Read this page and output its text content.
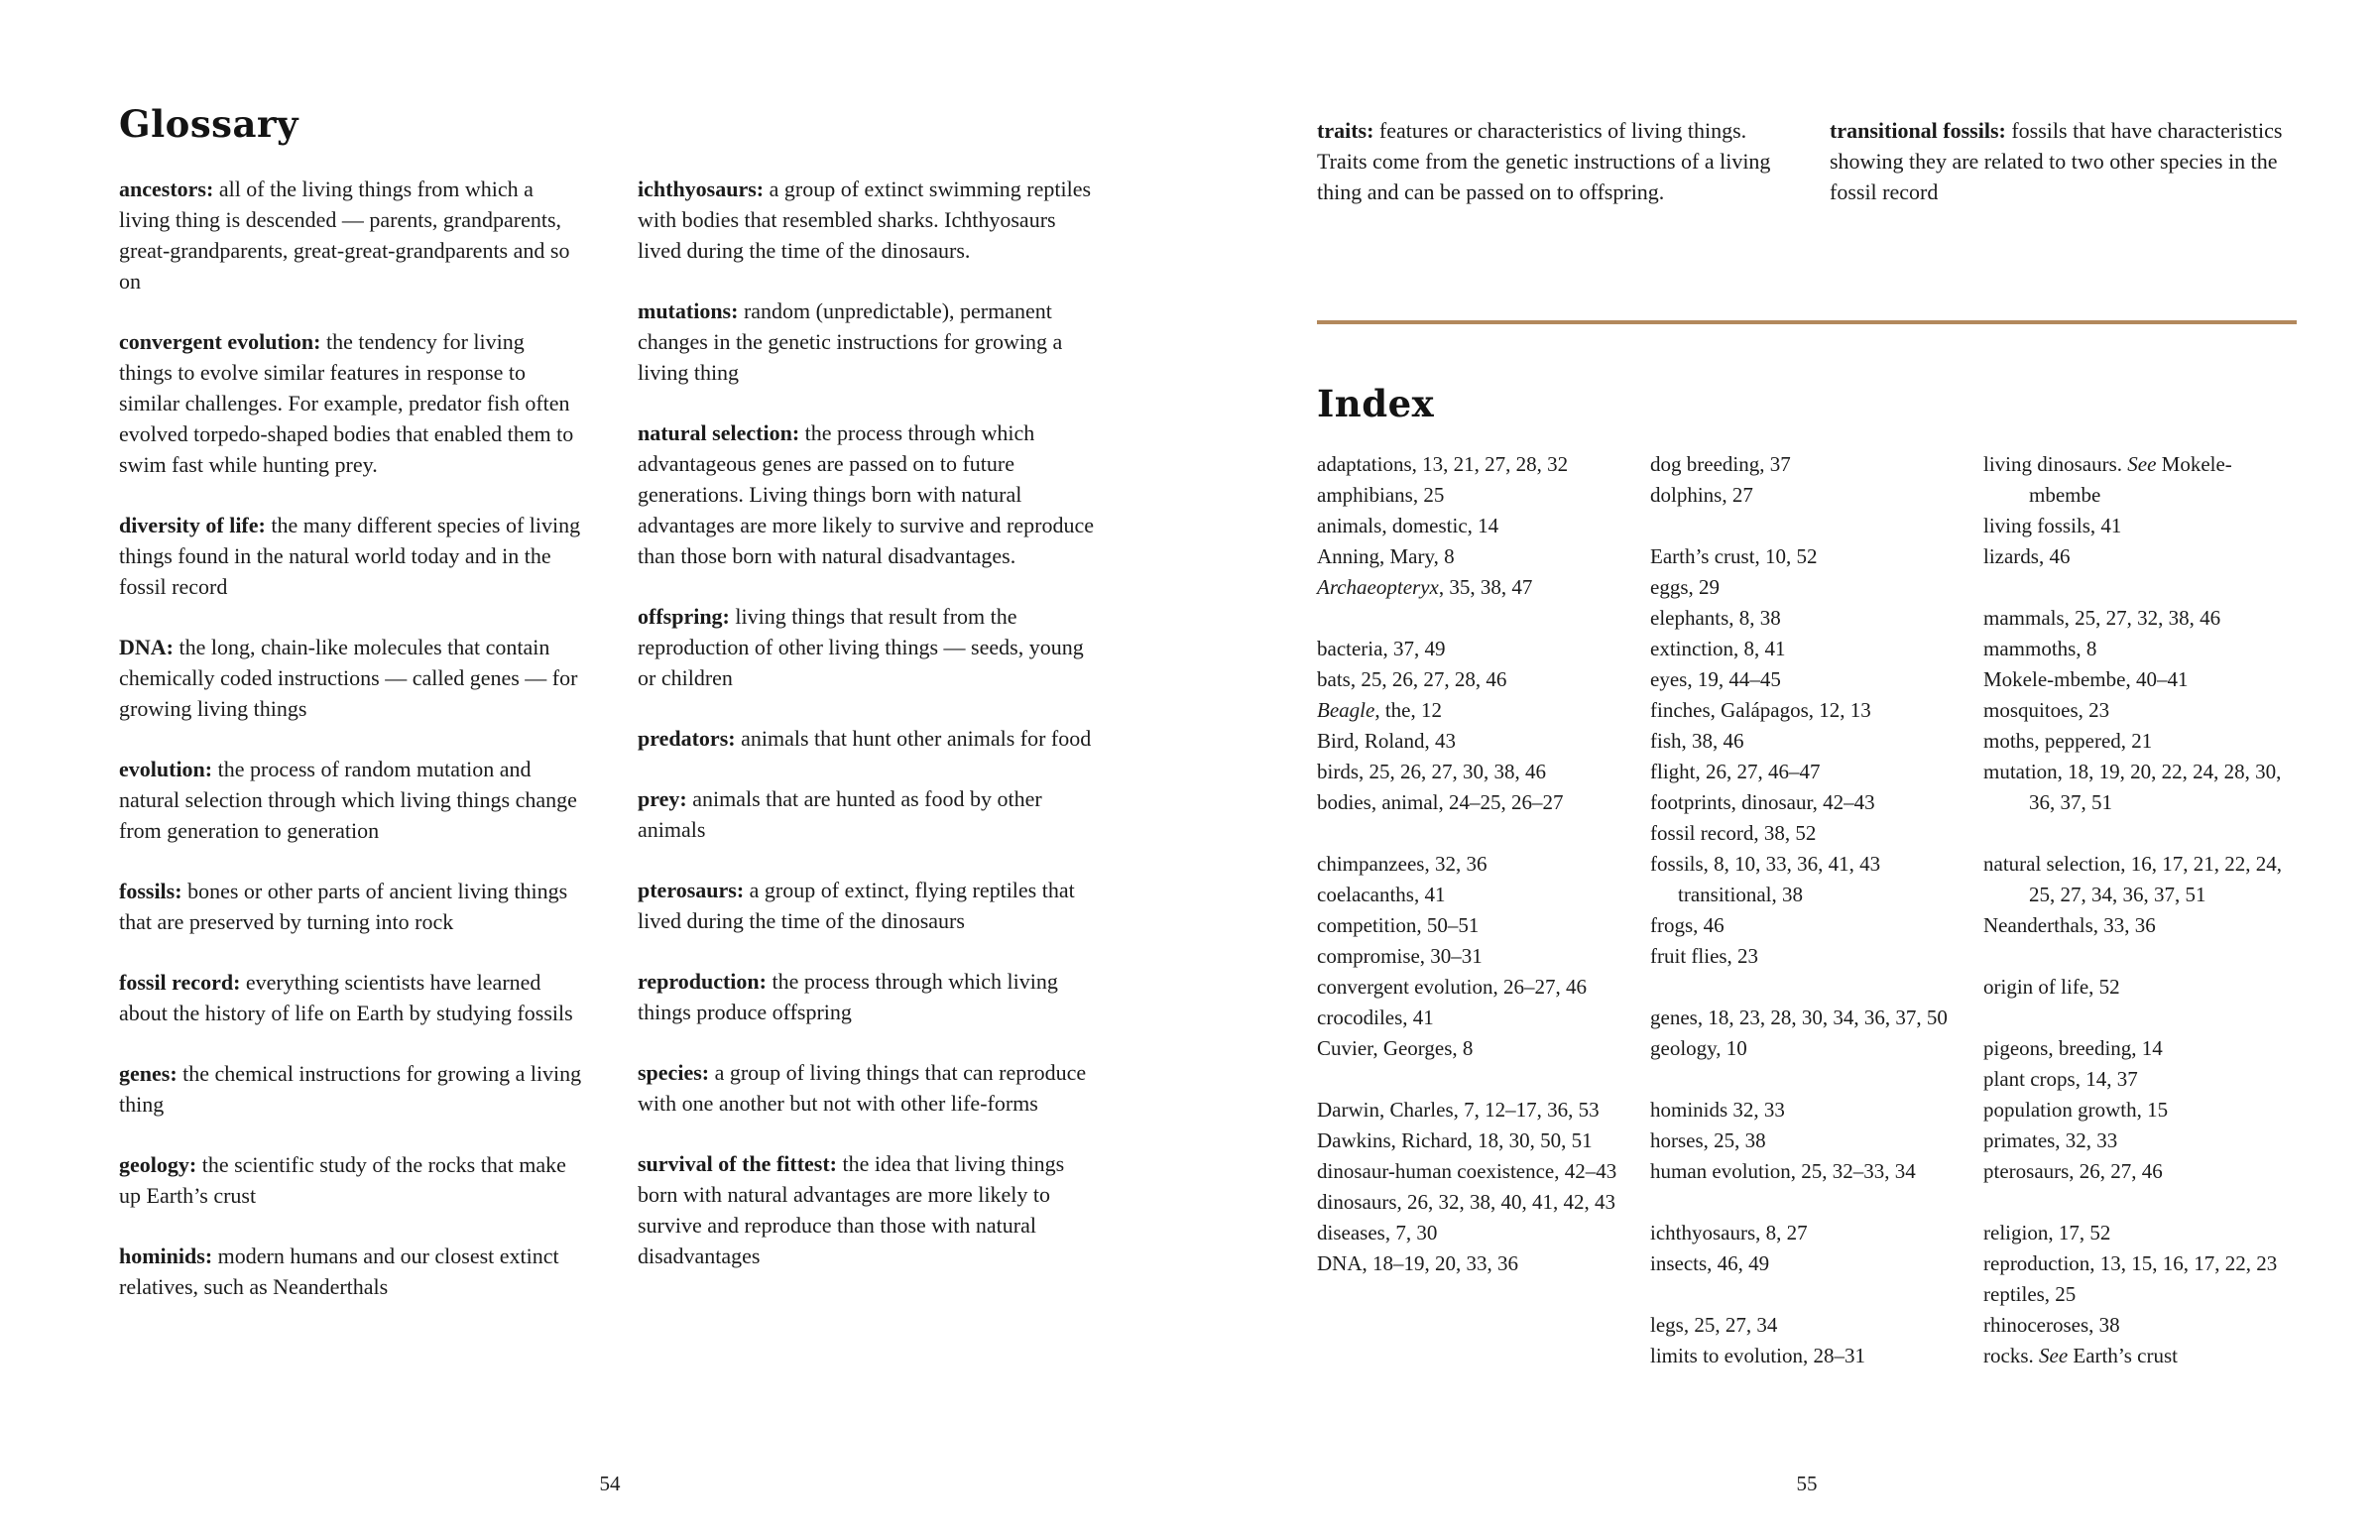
Glossary

ancestors: all of the living things from which a living thing is descended — parents, grandparents, great-grandparents, great-great-grandparents and so on

convergent evolution: the tendency for living things to evolve similar features in response to similar challenges. For example, predator fish often evolved torpedo-shaped bodies that enabled them to swim fast while hunting prey.

diversity of life: the many different species of living things found in the natural world today and in the fossil record

DNA: the long, chain-like molecules that contain chemically coded instructions — called genes — for growing living things

evolution: the process of random mutation and natural selection through which living things change from generation to generation

fossils: bones or other parts of ancient living things that are preserved by turning into rock

fossil record: everything scientists have learned about the history of life on Earth by studying fossils

genes: the chemical instructions for growing a living thing

geology: the scientific study of the rocks that make up Earth’s crust

hominids: modern humans and our closest extinct relatives, such as Neanderthals

ichthyosaurs: a group of extinct swimming reptiles with bodies that resembled sharks. Ichthyosaurs lived during the time of the dinosaurs.

mutations: random (unpredictable), permanent changes in the genetic instructions for growing a living thing

natural selection: the process through which advantageous genes are passed on to future generations. Living things born with natural advantages are more likely to survive and reproduce than those born with natural disadvantages.

offspring: living things that result from the reproduction of other living things — seeds, young or children

predators: animals that hunt other animals for food

prey: animals that are hunted as food by other animals

pterosaurs: a group of extinct, flying reptiles that lived during the time of the dinosaurs

reproduction: the process through which living things produce offspring

species: a group of living things that can reproduce with one another but not with other life-forms

survival of the fittest: the idea that living things born with natural advantages are more likely to survive and reproduce than those with natural disadvantages

54

traits: features or characteristics of living things. Traits come from the genetic instructions of a living thing and can be passed on to offspring.

transitional fossils: fossils that have characteristics showing they are related to two other species in the fossil record

Index

adaptations, 13, 21, 27, 28, 32

amphibians, 25

animals, domestic, 14

Anning, Mary, 8

Archaeopteryx, 35, 38, 47

bacteria, 37, 49

bats, 25, 26, 27, 28, 46

Beagle, the, 12

Bird, Roland, 43

birds, 25, 26, 27, 30, 38, 46

bodies, animal, 24–25, 26–27

chimpanzees, 32, 36

coelacanths, 41

competition, 50–51

compromise, 30–31

convergent evolution, 26–27, 46

crocodiles, 41

Cuvier, Georges, 8

Darwin, Charles, 7, 12–17, 36, 53

Dawkins, Richard, 18, 30, 50, 51

dinosaur-human coexistence, 42–43

dinosaurs, 26, 32, 38, 40, 41, 42, 43

diseases, 7, 30

DNA, 18–19, 20, 33, 36

dog breeding, 37

dolphins, 27

Earth’s crust, 10, 52

eggs, 29

elephants, 8, 38

extinction, 8, 41

eyes, 19, 44–45

finches, Galápagos, 12, 13

fish, 38, 46

flight, 26, 27, 46–47

footprints, dinosaur, 42–43

fossil record, 38, 52

fossils, 8, 10, 33, 36, 41, 43

transitional, 38

frogs, 46

fruit flies, 23

genes, 18, 23, 28, 30, 34, 36, 37, 50

geology, 10

hominids 32, 33

horses, 25, 38

human evolution, 25, 32–33, 34

ichthyosaurs, 8, 27

insects, 46, 49

legs, 25, 27, 34

limits to evolution, 28–31

living dinosaurs. See Mokele-mbembe

living fossils, 41

lizards, 46

mammals, 25, 27, 32, 38, 46

mammoths, 8

Mokele-mbembe, 40–41

mosquitoes, 23

moths, peppered, 21

mutation, 18, 19, 20, 22, 24, 28, 30, 36, 37, 51

natural selection, 16, 17, 21, 22, 24, 25, 27, 34, 36, 37, 51

Neanderthals, 33, 36

origin of life, 52

pigeons, breeding, 14

plant crops, 14, 37

population growth, 15

primates, 32, 33

pterosaurs, 26, 27, 46

religion, 17, 52

reproduction, 13, 15, 16, 17, 22, 23

reptiles, 25

rhinoceroses, 38

rocks. See Earth’s crust

55
